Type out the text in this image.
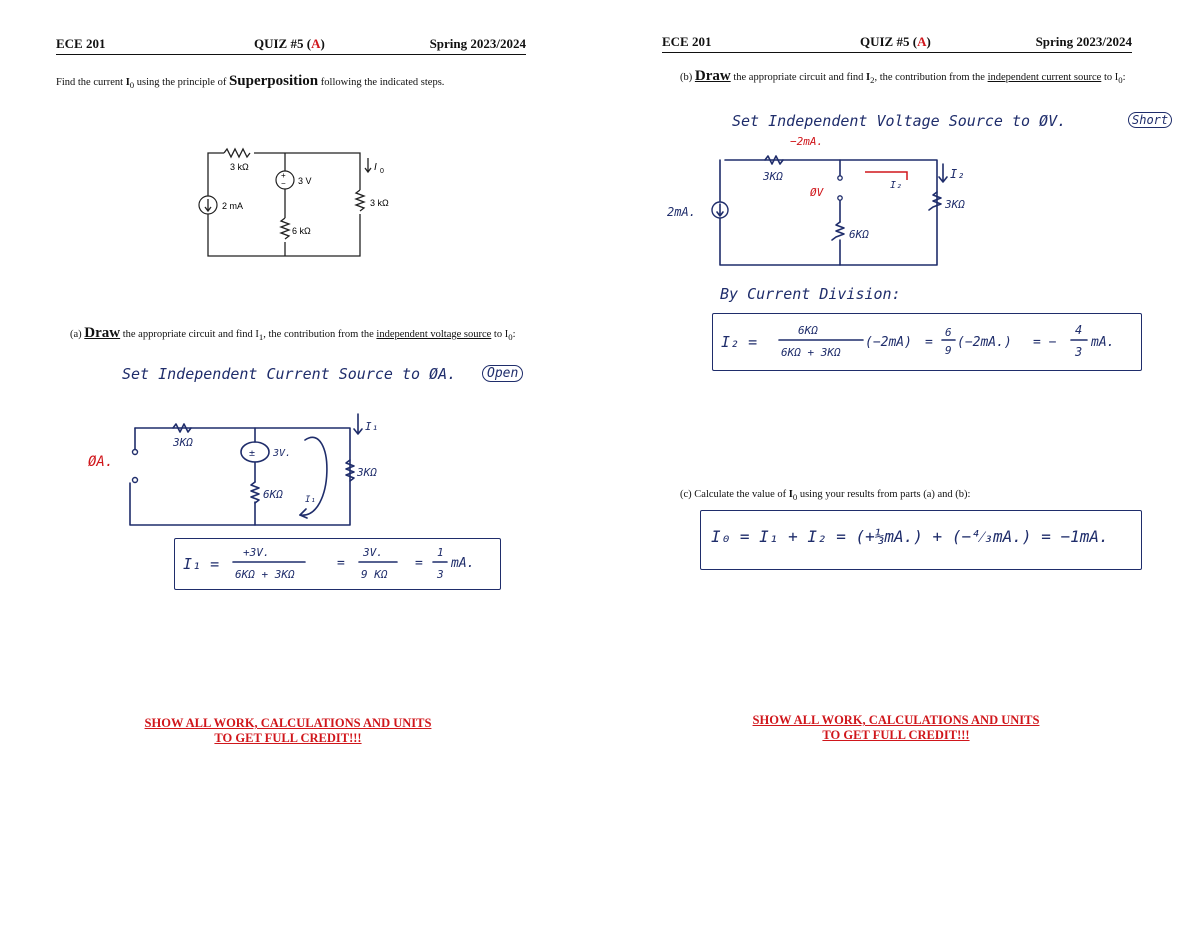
ECE 201	QUIZ #5 (A)	Spring 2023/2024
Find the current $I_0$ using the principle of Superposition following the indicated steps.
3 kΩ
+
− 3 V
2 mA
6 kΩ
3 kΩ
I 0
(a) Draw the appropriate circuit and find $I_1$, the contribution from the independent voltage source to $I_0$:
Set Independent Current Source to ØA.	Open
3KΩ
± 3V.
6KΩ I₁
3KΩ
I₁
ØA.
I₁ =
+3V.
6KΩ + 3KΩ
=
3V.
9 KΩ
=
1
3
mA.
SHOW ALL WORK, CALCULATIONS AND UNITS
TO GET FULL CREDIT!!!
ECE 201	QUIZ #5 (A)	Spring 2023/2024
(b) Draw the appropriate circuit and find $I_2$, the contribution from the independent current source to $I_0$:
Set Independent Voltage Source to ØV.	Short
−2mA.
2mA.
3KΩ
ØV
6KΩ
I₂
3KΩ
I₂
By Current Division:
I₂ =
6KΩ
6KΩ + 3KΩ
(−2mA) =
6
9
(−2mA.) = −
4
3
mA.
(c) Calculate the value of $I_0$ using your results from parts (a) and (b):
I₀ = I₁ + I₂ = (+⅓mA.) + (−⁴⁄₃mA.) = −1mA.
SHOW ALL WORK, CALCULATIONS AND UNITS
TO GET FULL CREDIT!!!
